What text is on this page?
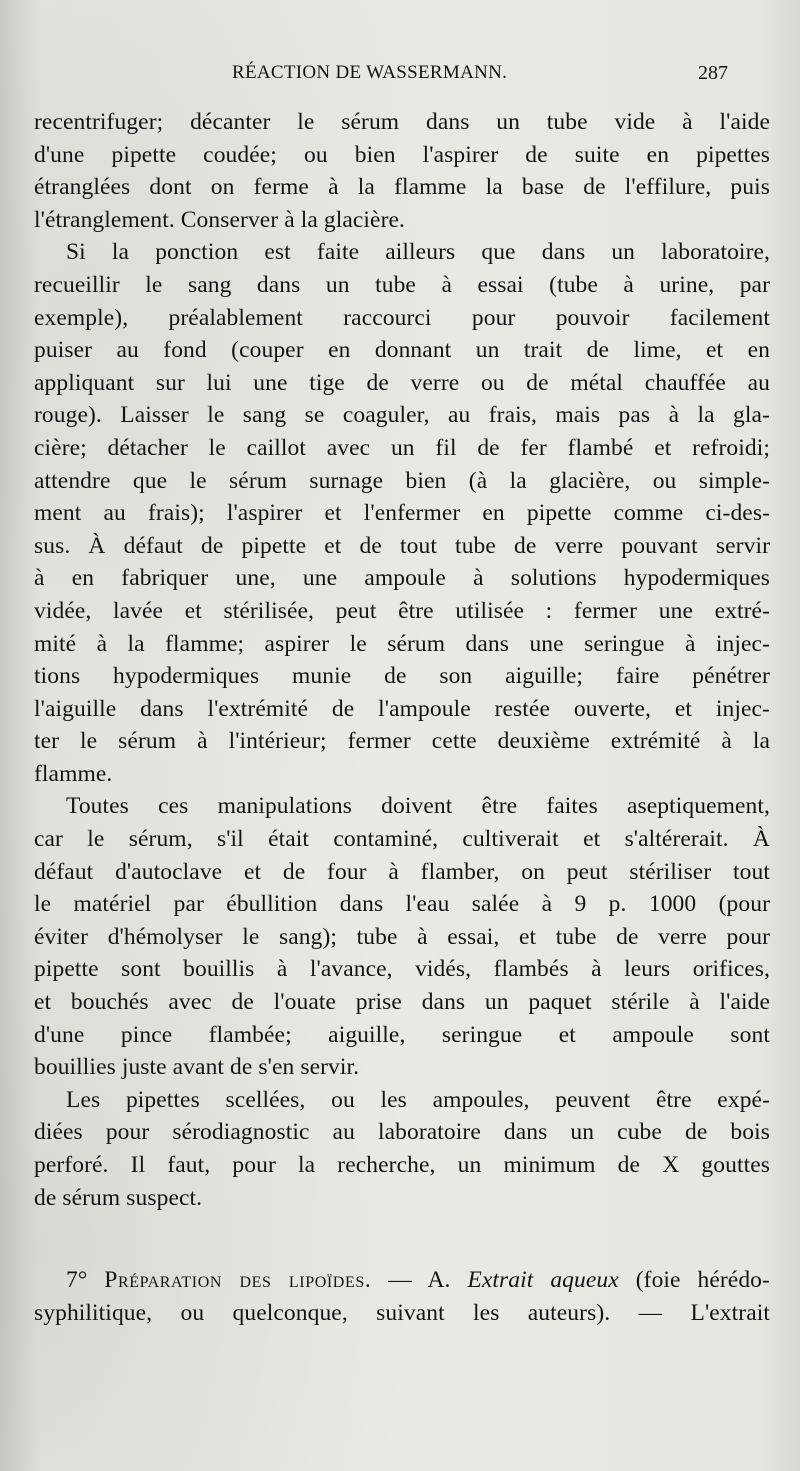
RÉACTION DE WASSERMANN.	287
recentrifuger; décanter le sérum dans un tube vide à l'aide
d'une pipette coudée; ou bien l'aspirer de suite en pipettes
étranglées dont on ferme à la flamme la base de l'effilure, puis
l'étranglement. Conserver à la glacière.
Si la ponction est faite ailleurs que dans un laboratoire,
recueillir le sang dans un tube à essai (tube à urine, par
exemple), préalablement raccourci pour pouvoir facilement
puiser au fond (couper en donnant un trait de lime, et en
appliquant sur lui une tige de verre ou de métal chauffée au
rouge). Laisser le sang se coaguler, au frais, mais pas à la gla-
cière; détacher le caillot avec un fil de fer flambé et refroidi;
attendre que le sérum surnage bien (à la glacière, ou simple-
ment au frais); l'aspirer et l'enfermer en pipette comme ci-des-
sus. À défaut de pipette et de tout tube de verre pouvant servir
à en fabriquer une, une ampoule à solutions hypodermiques
vidée, lavée et stérilisée, peut être utilisée : fermer une extré-
mité à la flamme; aspirer le sérum dans une seringue à injec-
tions hypodermiques munie de son aiguille; faire pénétrer
l'aiguille dans l'extrémité de l'ampoule restée ouverte, et injec-
ter le sérum à l'intérieur; fermer cette deuxième extrémité à la
flamme.
Toutes ces manipulations doivent être faites aseptiquement,
car le sérum, s'il était contaminé, cultiverait et s'altérerait. À
défaut d'autoclave et de four à flamber, on peut stériliser tout
le matériel par ébullition dans l'eau salée à 9 p. 1000 (pour
éviter d'hémolyser le sang); tube à essai, et tube de verre pour
pipette sont bouillis à l'avance, vidés, flambés à leurs orifices,
et bouchés avec de l'ouate prise dans un paquet stérile à l'aide
d'une pince flambée; aiguille, seringue et ampoule sont
bouillies juste avant de s'en servir.
Les pipettes scellées, ou les ampoules, peuvent être expé-
diées pour sérodiagnostic au laboratoire dans un cube de bois
perforé. Il faut, pour la recherche, un minimum de X gouttes
de sérum suspect.
7° Préparation des lipoïdes. — A. Extrait aqueux (foie hérédo-
syphilitique, ou quelconque, suivant les auteurs). — L'extrait
